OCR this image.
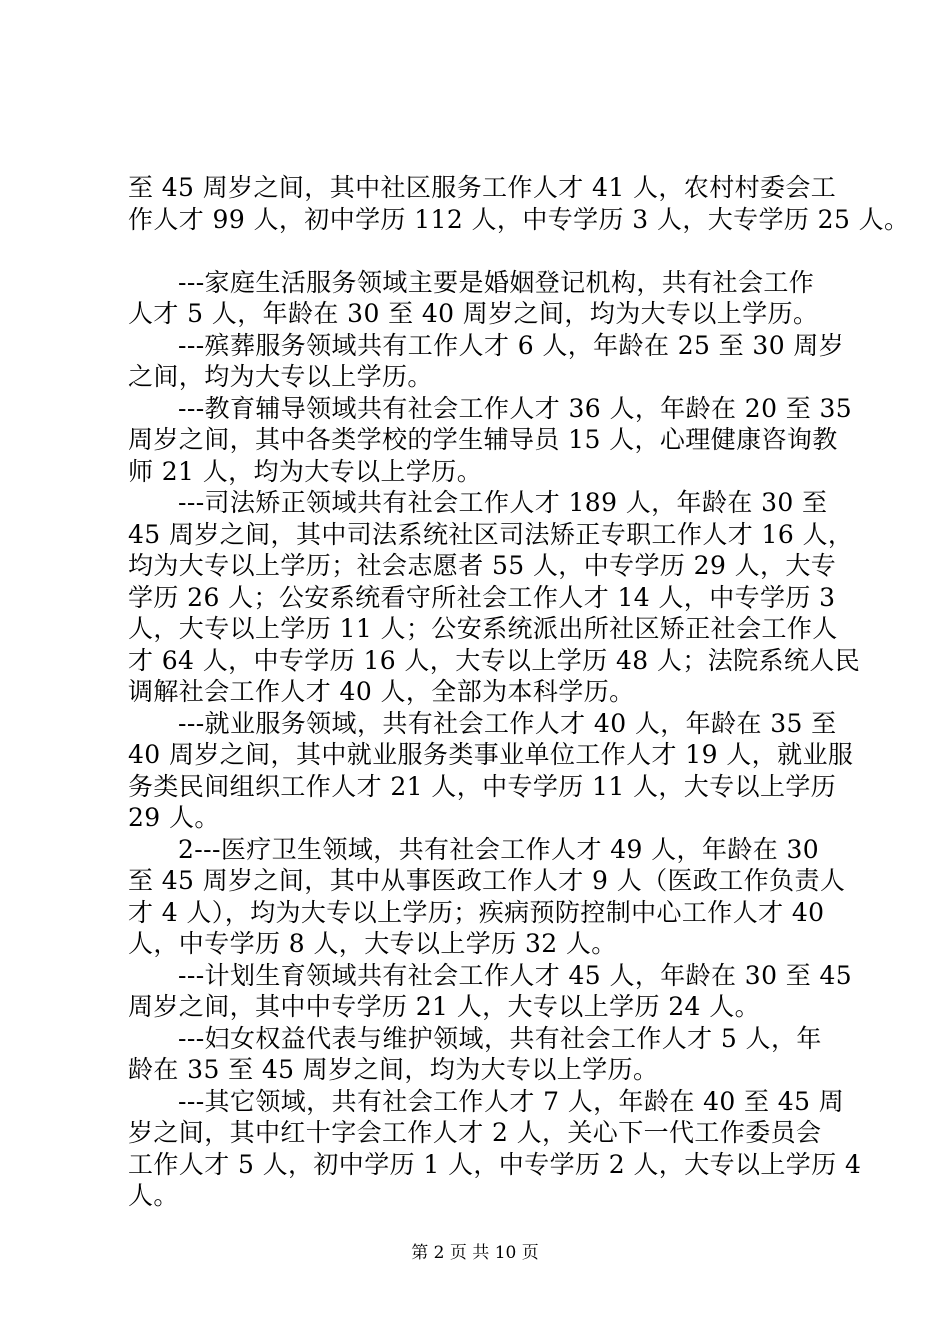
至 45 周岁之间，其中社区服务工作人才 41 人，农村村委会工
作人才 99 人，初中学历 112 人，中专学历 3 人，大专学历 25 人。
---家庭生活服务领域主要是婚姻登记机构，共有社会工作
人才 5 人，年龄在 30 至 40 周岁之间，均为大专以上学历。
---殡葬服务领域共有工作人才 6 人，年龄在 25 至 30 周岁
之间，均为大专以上学历。
---教育辅导领域共有社会工作人才 36 人，年龄在 20 至 35
周岁之间，其中各类学校的学生辅导员 15 人，心理健康咨询教
师 21 人，均为大专以上学历。
---司法矫正领域共有社会工作人才 189 人，年龄在 30 至
45 周岁之间，其中司法系统社区司法矫正专职工作人才 16 人，
均为大专以上学历；社会志愿者 55 人，中专学历 29 人，大专
学历 26 人；公安系统看守所社会工作人才 14 人，中专学历 3
人，大专以上学历 11 人；公安系统派出所社区矫正社会工作人
才 64 人，中专学历 16 人，大专以上学历 48 人；法院系统人民
调解社会工作人才 40 人，全部为本科学历。
---就业服务领域，共有社会工作人才 40 人，年龄在 35 至
40 周岁之间，其中就业服务类事业单位工作人才 19 人，就业服
务类民间组织工作人才 21 人，中专学历 11 人，大专以上学历
29 人。
2---医疗卫生领域，共有社会工作人才 49 人，年龄在 30
至 45 周岁之间，其中从事医政工作人才 9 人（医政工作负责人
才 4 人），均为大专以上学历；疾病预防控制中心工作人才 40
人，中专学历 8 人，大专以上学历 32 人。
---计划生育领域共有社会工作人才 45 人，年龄在 30 至 45
周岁之间，其中中专学历 21 人，大专以上学历 24 人。
---妇女权益代表与维护领域，共有社会工作人才 5 人，年
龄在 35 至 45 周岁之间，均为大专以上学历。
---其它领域，共有社会工作人才 7 人，年龄在 40 至 45 周
岁之间，其中红十字会工作人才 2 人，关心下一代工作委员会
工作人才 5 人，初中学历 1 人，中专学历 2 人，大专以上学历 4
人。
第 2 页 共 10 页
